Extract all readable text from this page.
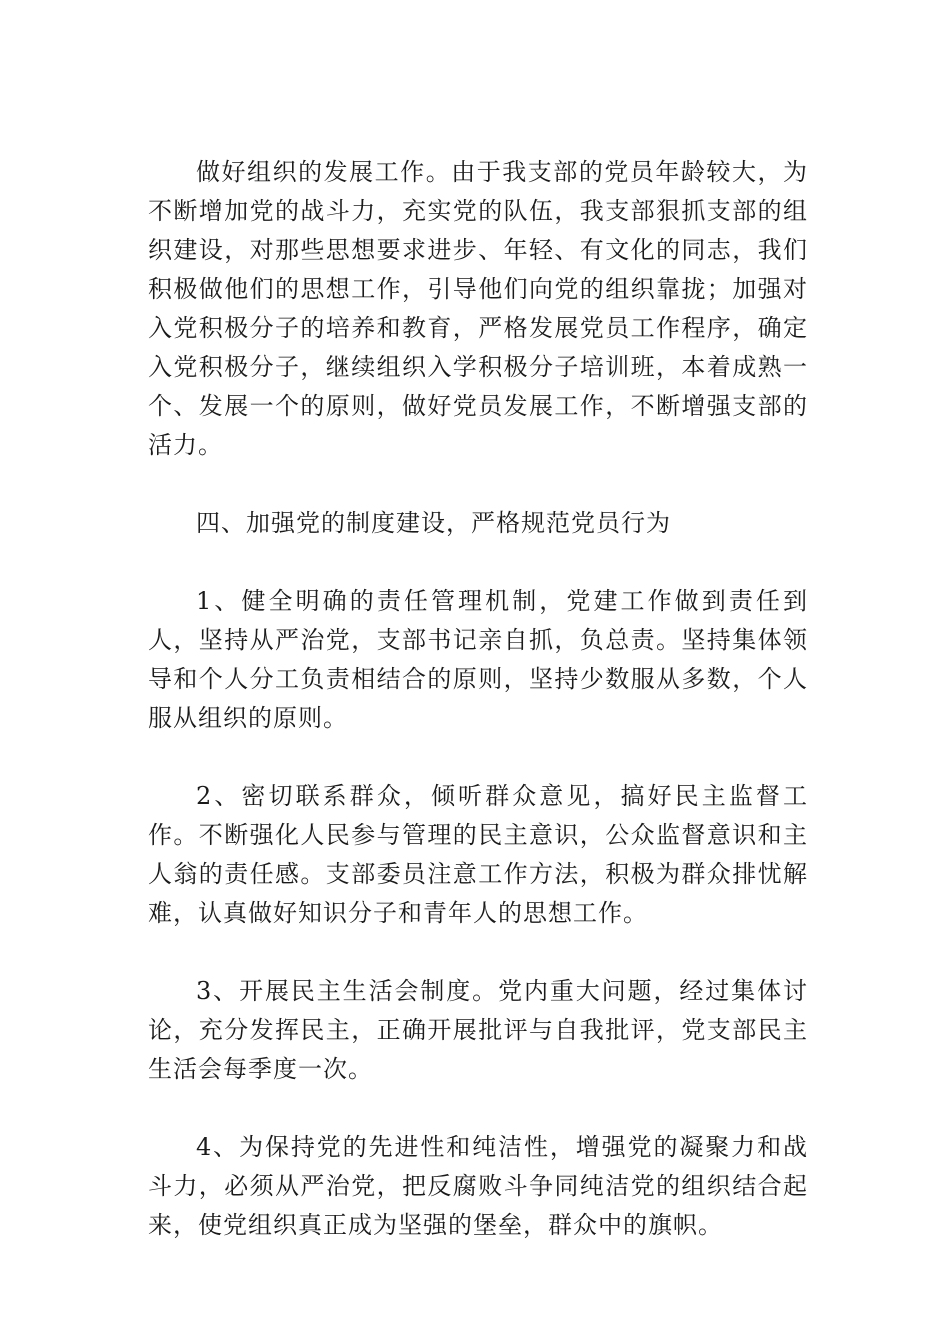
做好组织的发展工作。由于我支部的党员年龄较大，为不断增加党的战斗力，充实党的队伍，我支部狠抓支部的组织建设，对那些思想要求进步、年轻、有文化的同志，我们积极做他们的思想工作，引导他们向党的组织靠拢；加强对入党积极分子的培养和教育，严格发展党员工作程序，确定入党积极分子，继续组织入学积极分子培训班，本着成熟一个、发展一个的原则，做好党员发展工作，不断增强支部的活力。

四、加强党的制度建设，严格规范党员行为

1、健全明确的责任管理机制，党建工作做到责任到人，坚持从严治党，支部书记亲自抓，负总责。坚持集体领导和个人分工负责相结合的原则，坚持少数服从多数，个人服从组织的原则。

2、密切联系群众，倾听群众意见，搞好民主监督工作。不断强化人民参与管理的民主意识，公众监督意识和主人翁的责任感。支部委员注意工作方法，积极为群众排忧解难，认真做好知识分子和青年人的思想工作。

3、开展民主生活会制度。党内重大问题，经过集体讨论，充分发挥民主，正确开展批评与自我批评，党支部民主生活会每季度一次。

4、为保持党的先进性和纯洁性，增强党的凝聚力和战斗力，必须从严治党，把反腐败斗争同纯洁党的组织结合起来，使党组织真正成为坚强的堡垒，群众中的旗帜。
